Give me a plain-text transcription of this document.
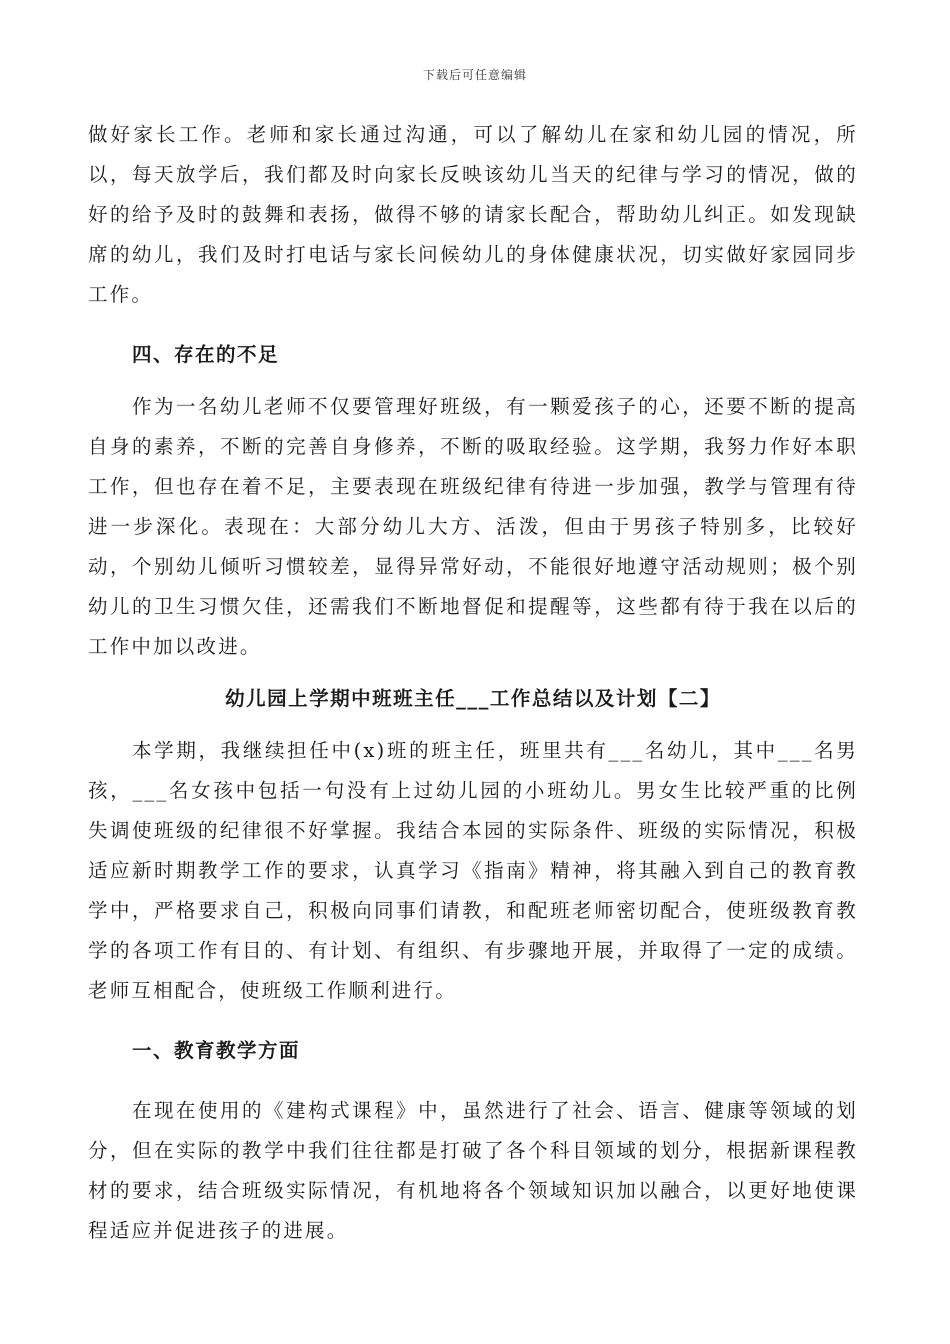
下载后可任意编辑

做好家长工作。老师和家长通过沟通，可以了解幼儿在家和幼儿园的情况，所以，每天放学后，我们都及时向家长反映该幼儿当天的纪律与学习的情况，做的好的给予及时的鼓舞和表扬，做得不够的请家长配合，帮助幼儿纠正。如发现缺席的幼儿，我们及时打电话与家长问候幼儿的身体健康状况，切实做好家园同步工作。

四、存在的不足

作为一名幼儿老师不仅要管理好班级，有一颗爱孩子的心，还要不断的提高自身的素养，不断的完善自身修养，不断的吸取经验。这学期，我努力作好本职工作，但也存在着不足，主要表现在班级纪律有待进一步加强，教学与管理有待进一步深化。表现在：大部分幼儿大方、活泼，但由于男孩子特别多，比较好动，个别幼儿倾听习惯较差，显得异常好动，不能很好地遵守活动规则；极个别幼儿的卫生习惯欠佳，还需我们不断地督促和提醒等，这些都有待于我在以后的工作中加以改进。

幼儿园上学期中班班主任___工作总结以及计划【二】

本学期，我继续担任中(x)班的班主任，班里共有___名幼儿，其中___名男孩，___名女孩中包括一句没有上过幼儿园的小班幼儿。男女生比较严重的比例失调使班级的纪律很不好掌握。我结合本园的实际条件、班级的实际情况，积极适应新时期教学工作的要求，认真学习《指南》精神，将其融入到自己的教育教学中，严格要求自己，积极向同事们请教，和配班老师密切配合，使班级教育教学的各项工作有目的、有计划、有组织、有步骤地开展，并取得了一定的成绩。老师互相配合，使班级工作顺利进行。

一、教育教学方面

在现在使用的《建构式课程》中，虽然进行了社会、语言、健康等领域的划分，但在实际的教学中我们往往都是打破了各个科目领域的划分，根据新课程教材的要求，结合班级实际情况，有机地将各个领域知识加以融合，以更好地使课程适应并促进孩子的进展。
